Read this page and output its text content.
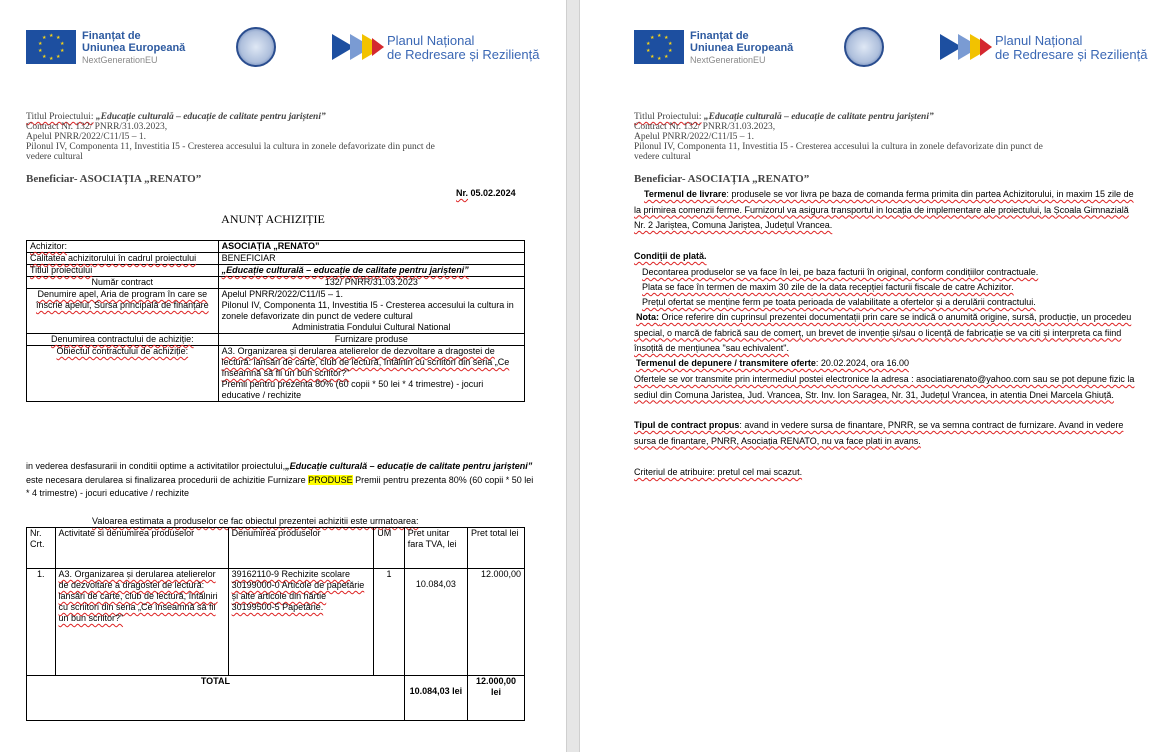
★ ★
★
★
★
★
★
★
★
★	Finanțat de
Uniunea Europeană
NextGenerationEU
Planul Național
de Redresare și Reziliență
Titlul Proiectului: „Educație culturală – educație de calitate pentru jarișteni”
Contract Nr. 132/ PNRR/31.03.2023,
Apelul PNRR/2022/C11/I5 – 1.
Pilonul IV, Componenta 11, Investitia I5 - Cresterea accesului la cultura in zonele defavorizate din punct de
vedere cultural
Beneficiar- ASOCIAȚIA „RENATO”
Nr. 05.02.2024
ANUNȚ ACHIZIȚIE
Achizitor:	ASOCIAȚIA „RENATO”
Calitatea achizitorului în cadrul proiectului	BENEFICIAR
Titlul proiectului	„Educație culturală – educație de calitate pentru jarișteni”
Număr contract	132/ PNRR/31.03.2023
Denumire apel, Aria de program în care se înscrie apelul, Sursa principală de finanțare	Apelul PNRR/2022/C11/I5 – 1.
Pilonul IV, Componenta 11, Investitia I5 - Cresterea accesului la cultura in zonele defavorizate din punct de vedere cultural
Administratia Fondului Cultural National

Denumirea contractului de achiziție:	Furnizare produse
Obiectul contractului de achiziție:	A3. Organizarea și derularea atelierelor de dezvoltare a dragostei de lectură: lansări de carte, club de lectură, întâlniri cu scriitori din seria „Ce înseamnă să fii un bun scriitor?”
Premii pentru prezenta 80% (60 copii * 50 lei * 4 trimestre) - jocuri educative / rechizite
in vederea desfasurarii in conditii optime a activitatilor proiectului,„Educație culturală – educație de calitate pentru jarișteni” este necesara derularea si finalizarea procedurii de achizitie Furnizare PRODUSE Premii pentru prezenta 80% (60 copii * 50 lei * 4 trimestre) - jocuri educative / rechizite
Valoarea estimata a produselor ce fac obiectul prezentei achizitii este urmatoarea:
Nr. Crt.	Activitate si denumirea produselor	Denumirea produselor	UM	Pret unitar fara TVA, lei	Pret total lei
1.	A3. Organizarea și derularea atelierelor de dezvoltare a dragostei de lectură: lansări de carte, club de lectură, întâlniri cu scriitori din seria „Ce înseamnă să fii un bun scriitor?”	39162110-9 Rechizite scolare
30199000-0 Articole de papetărie și alte articole din hârtie
30199500-5 Papetărie.	1	10.084,03	12.000,00
TOTAL				10.084,03 lei	12.000,00 lei
★ ★
★
★
★
★
★
★
★
★	Finanțat de
Uniunea Europeană
NextGenerationEU
Planul Național
de Redresare și Reziliență
Titlul Proiectului: „Educație culturală – educație de calitate pentru jarișteni”
Contract Nr. 132/ PNRR/31.03.2023,
Apelul PNRR/2022/C11/I5 – 1.
Pilonul IV, Componenta 11, Investitia I5 - Cresterea accesului la cultura in zonele defavorizate din punct de
vedere cultural
Beneficiar- ASOCIAȚIA „RENATO”
Termenul de livrare: produsele se vor livra pe baza de comanda ferma primita din partea Achizitorului, in maxim 15 zile de la primirea comenzii ferme. Furnizorul va asigura transportul in locația de implementare ale proiectului, la Școala Gimnazială Nr. 2 Jariștea, Comuna Jariștea, Județul Vrancea.
Condiții de plată.
Decontarea produselor se va face în lei, pe baza facturii în original, conform condițiilor contractuale.
Plata se face în termen de maxim 30 zile de la data recepției facturii fiscale de catre Achizitor.
Prețul ofertat se menține ferm pe toata perioada de valabilitate a ofertelor și a derulării contractului.
Nota: Orice referire din cuprinsul prezentei documentații prin care se indică o anumită origine, sursă, producție, un procedeu special, o marcă de fabrică sau de comerț, un brevet de invenție și/sau o licență de fabricație se va citi și interpreta ca fiind însoțită de mențiunea "sau echivalent".
Termenul de depunere / transmitere oferte: 20.02.2024, ora 16.00
Ofertele se vor transmite prin intermediul postei electronice la adresa : asociatiarenato@yahoo.com sau se pot depune fizic la sediul din Comuna Jaristea, Jud. Vrancea, Str. Inv. Ion Saragea, Nr. 31, Județul Vrancea, in atentia Dnei Marcela Ghiuță.
Tipul de contract propus: avand in vedere sursa de finantare, PNRR, se va semna contract de furnizare. Avand in vedere sursa de finantare, PNRR, Asociația RENATO, nu va face plati in avans.
Criteriul de atribuire: pretul cel mai scazut.
